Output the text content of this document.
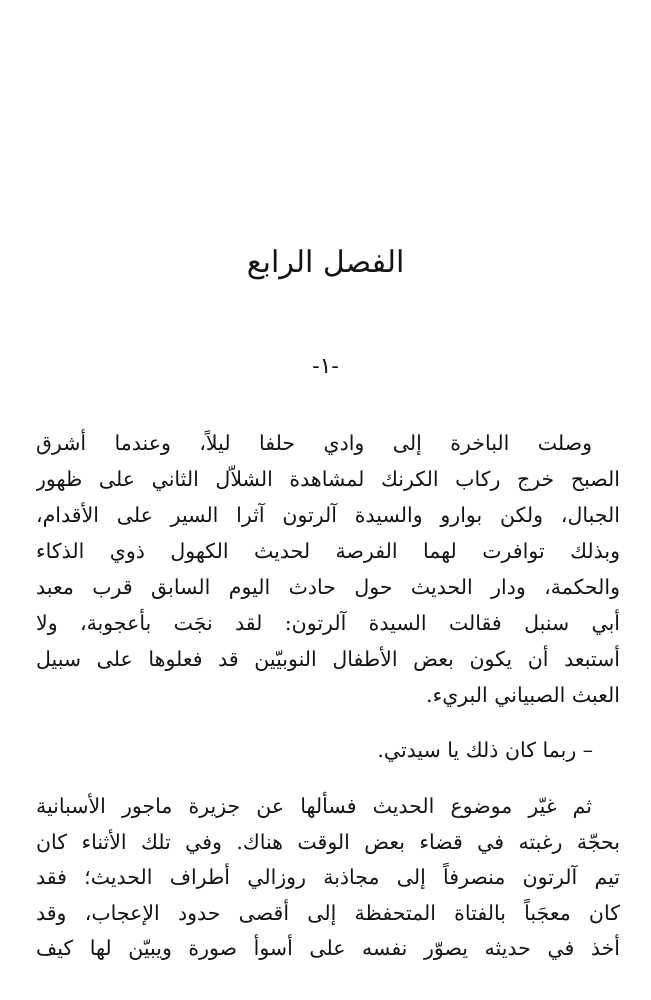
الفصل الرابع
-١-
وصلت الباخرة إلى وادي حلفا ليلاً، وعندما أشرق
الصبح خرج ركاب الكرنك لمشاهدة الشلاّل الثاني على ظهور
الجبال، ولكن بوارو والسيدة آلرتون آثرا السير على الأقدام،
وبذلك توافرت لهما الفرصة لحديث الكهول ذوي الذكاء
والحكمة، ودار الحديث حول حادث اليوم السابق قرب معبد
أبي سنبل فقالت السيدة آلرتون: لقد نجَت بأعجوبة، ولا
أستبعد أن يكون بعض الأطفال النوبيّين قد فعلوها على سبيل
العبث الصبياني البريء.
– ربما كان ذلك يا سيدتي.
ثم غيّر موضوع الحديث فسألها عن جزيرة ماجور الأسبانية
بحجّة رغبته في قضاء بعض الوقت هناك. وفي تلك الأثناء كان
تيم آلرتون منصرفاً إلى مجاذبة روزالي أطراف الحديث؛ فقد
كان معجَباً بالفتاة المتحفظة إلى أقصى حدود الإعجاب، وقد
أخذ في حديثه يصوّر نفسه على أسوأ صورة ويبيّن لها كيف
